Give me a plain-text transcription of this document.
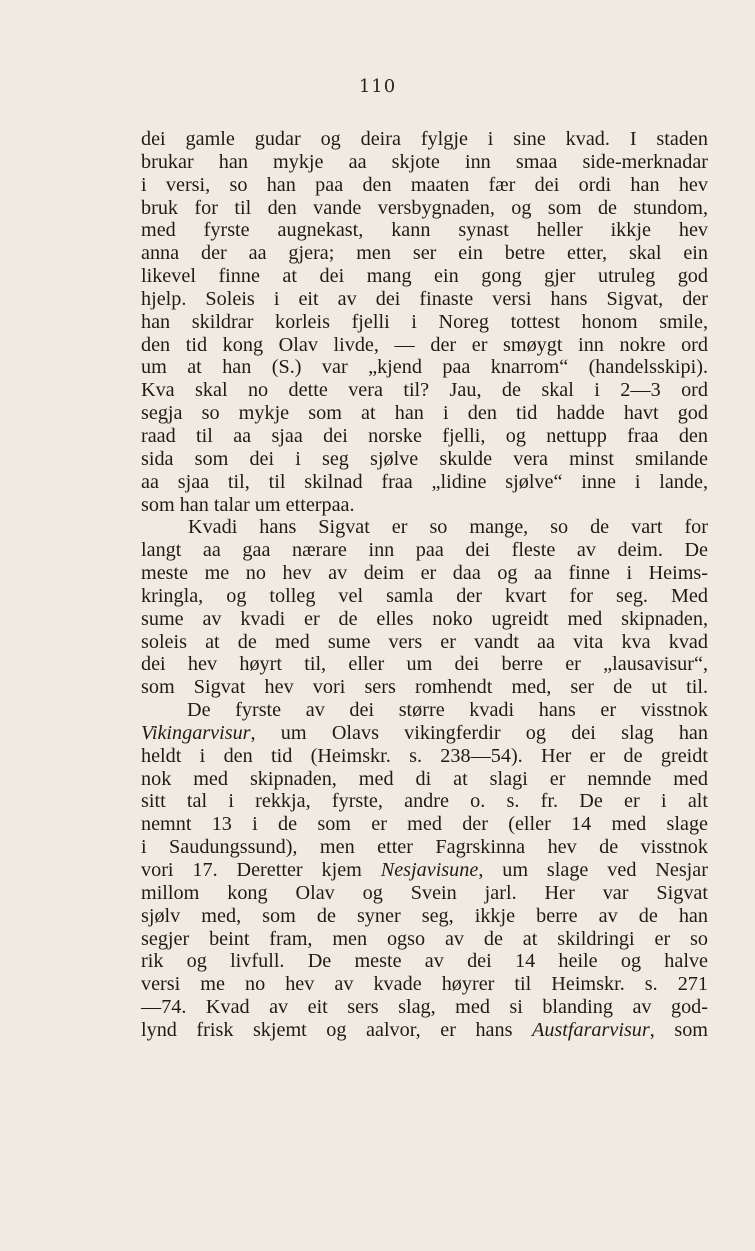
110
dei gamle gudar og deira fylgje i sine kvad. I staden
brukar han mykje aa skjote inn smaa side-merknadar
i versi, so han paa den maaten fær dei ordi han hev
bruk for til den vande versbygnaden, og som de stundom,
med fyrste augnekast, kann synast heller ikkje hev
anna der aa gjera; men ser ein betre etter, skal ein
likevel finne at dei mang ein gong gjer utruleg god
hjelp. Soleis i eit av dei finaste versi hans Sigvat, der
han skildrar korleis fjelli i Noreg tottest honom smile,
den tid kong Olav livde, — der er smøygt inn nokre ord
um at han (S.) var „kjend paa knarrom“ (handelsskipi).
Kva skal no dette vera til? Jau, de skal i 2—3 ord
segja so mykje som at han i den tid hadde havt god
raad til aa sjaa dei norske fjelli, og nettupp fraa den
sida som dei i seg sjølve skulde vera minst smilande
aa sjaa til, til skilnad fraa „lidine sjølve“ inne i lande,
som han talar um etterpaa.
Kvadi hans Sigvat er so mange, so de vart for
langt aa gaa nærare inn paa dei fleste av deim. De
meste me no hev av deim er daa og aa finne i Heims-
kringla, og tolleg vel samla der kvart for seg. Med
sume av kvadi er de elles noko ugreidt med skipnaden,
soleis at de med sume vers er vandt aa vita kva kvad
dei hev høyrt til, eller um dei berre er „lausavisur“,
som Sigvat hev vori sers romhendt med, ser de ut til.
De fyrste av dei større kvadi hans er visstnok
Vikingarvisur, um Olavs vikingferdir og dei slag han
heldt i den tid (Heimskr. s. 238—54). Her er de greidt
nok med skipnaden, med di at slagi er nemnde med
sitt tal i rekkja, fyrste, andre o. s. fr. De er i alt
nemnt 13 i de som er med der (eller 14 med slage
i Saudungssund), men etter Fagrskinna hev de visstnok
vori 17. Deretter kjem Nesjavisune, um slage ved Nesjar
millom kong Olav og Svein jarl. Her var Sigvat
sjølv med, som de syner seg, ikkje berre av de han
segjer beint fram, men ogso av de at skildringi er so
rik og livfull. De meste av dei 14 heile og halve
versi me no hev av kvade høyrer til Heimskr. s. 271
—74. Kvad av eit sers slag, med si blanding av god-
lynd frisk skjemt og aalvor, er hans Austfararvisur, som
